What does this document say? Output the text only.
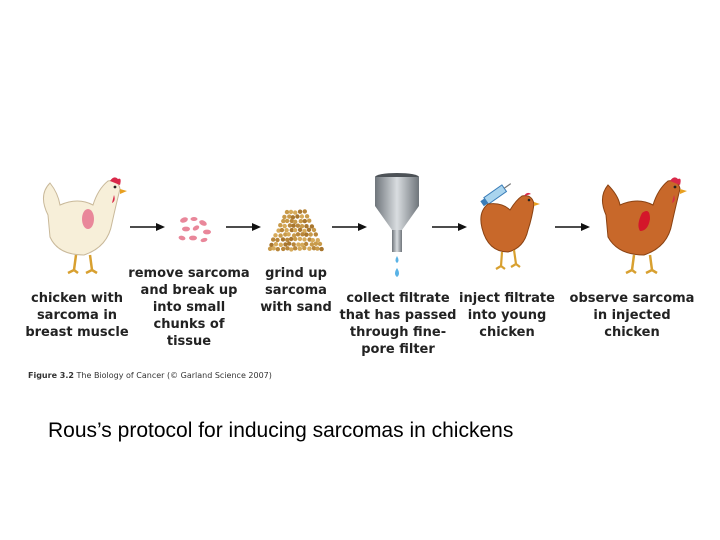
chicken with
sarcoma in
breast muscle
remove sarcoma
and break up
into small
chunks of
tissue
grind up
sarcoma
with sand
collect filtrate
that has passed
through fine-
pore filter
inject filtrate
into young
chicken
observe sarcoma
in injected
chicken
Figure 3.2 The Biology of Cancer (© Garland Science 2007)
Rous’s protocol for inducing sarcomas in chickens
